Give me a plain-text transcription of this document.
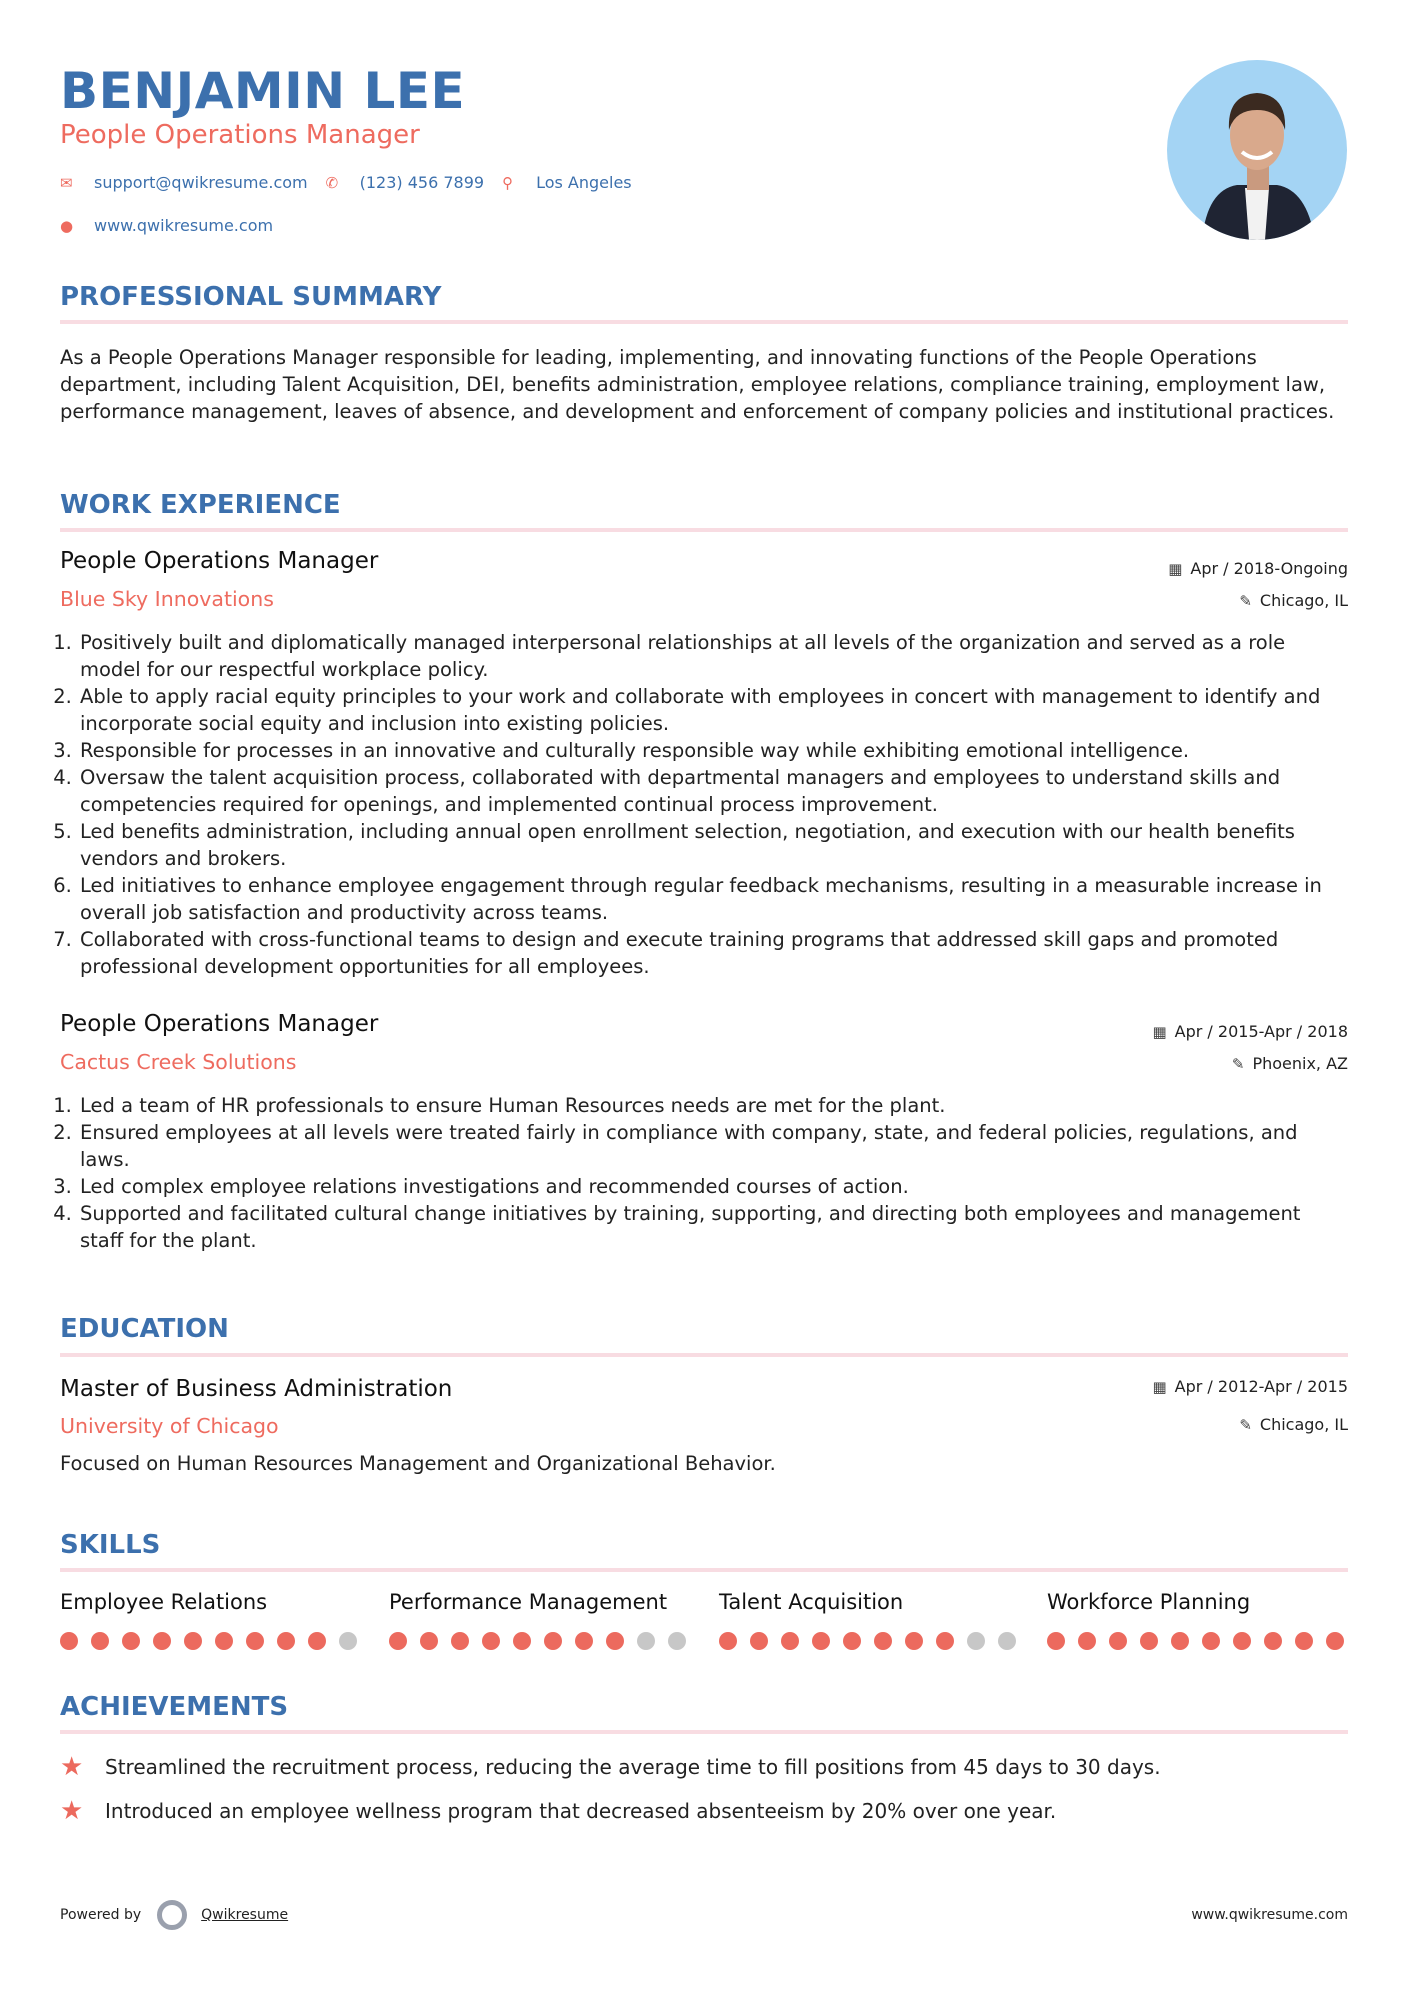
BENJAMIN LEE
People Operations Manager
✉	support@qwikresume.com ✆	(123) 456 7899 ⚲	Los Angeles
●	www.qwikresume.com
PROFESSIONAL SUMMARY
As a People Operations Manager responsible for leading, implementing, and innovating functions of the People Operations department, including Talent Acquisition, DEI, benefits administration, employee relations, compliance training, employment law, performance management, leaves of absence, and development and enforcement of company policies and institutional practices.
WORK EXPERIENCE
People Operations Manager	▦ Apr / 2018-Ongoing
Blue Sky Innovations	✎ Chicago, IL
1. Positively built and diplomatically managed interpersonal relationships at all levels of the organization and served as a role model for our respectful workplace policy.
2. Able to apply racial equity principles to your work and collaborate with employees in concert with management to identify and incorporate social equity and inclusion into existing policies.
3. Responsible for processes in an innovative and culturally responsible way while exhibiting emotional intelligence.
4. Oversaw the talent acquisition process, collaborated with departmental managers and employees to understand skills and competencies required for openings, and implemented continual process improvement.
5. Led benefits administration, including annual open enrollment selection, negotiation, and execution with our health benefits vendors and brokers.
6. Led initiatives to enhance employee engagement through regular feedback mechanisms, resulting in a measurable increase in overall job satisfaction and productivity across teams.
7. Collaborated with cross-functional teams to design and execute training programs that addressed skill gaps and promoted professional development opportunities for all employees.
People Operations Manager	▦ Apr / 2015-Apr / 2018
Cactus Creek Solutions	✎ Phoenix, AZ
1. Led a team of HR professionals to ensure Human Resources needs are met for the plant.
2. Ensured employees at all levels were treated fairly in compliance with company, state, and federal policies, regulations, and laws.
3. Led complex employee relations investigations and recommended courses of action.
4. Supported and facilitated cultural change initiatives by training, supporting, and directing both employees and management staff for the plant.
EDUCATION
Master of Business Administration	▦ Apr / 2012-Apr / 2015
University of Chicago	✎ Chicago, IL
Focused on Human Resources Management and Organizational Behavior.
SKILLS
Employee Relations	Performance Management	Talent Acquisition	Workforce Planning
ACHIEVEMENTS
★	Streamlined the recruitment process, reducing the average time to fill positions from 45 days to 30 days.
★	Introduced an employee wellness program that decreased absenteeism by 20% over one year.
Powered by	Qwikresume	www.qwikresume.com
